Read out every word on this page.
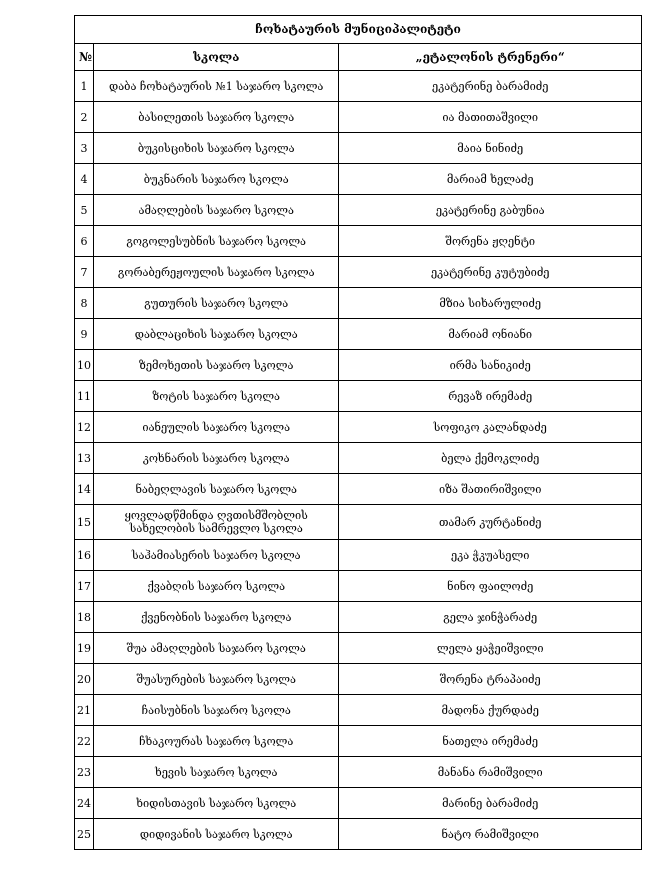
ჩოხატაურის მუნიციპალიტეტი		
№	სკოლა	„ეტალონის ტრენერი“
1	დაბა ჩოხატაურის №1 საჯარო სკოლა	ეკატერინე ბარამიძე
2	ბასილეთის საჯარო სკოლა	ია მათითაშვილი
3	ბუკისციხის საჯარო სკოლა	მაია ნინიძე
4	ბუკნარის საჯარო სკოლა	მარიამ ხელაძე
5	ამაღლების საჯარო სკოლა	ეკატერინე გაბუნია
6	გოგოლესუბნის საჯარო სკოლა	შორენა ჟღენტი
7	გორაბერეჟოულის საჯარო სკოლა	ეკატერინე კუტუბიძე
8	გუთურის საჯარო სკოლა	მზია სიხარულიძე
9	დაბლაციხის საჯარო სკოლა	მარიამ ონიანი
10	ზემოხეთის საჯარო სკოლა	ირმა სანიკიძე
11	ზოტის საჯარო სკოლა	რევაზ ირემაძე
12	იანეულის საჯარო სკოლა	სოფიკო კალანდაძე
13	კოხნარის საჯარო სკოლა	ბელა ქემოკლიძე
14	ნაბეღლავის საჯარო სკოლა	იზა შათირიშვილი
15	ყოვლადწმინდა ღვთისმშობლის სახელობის სამრევლო სკოლა	თამარ კურტანიძე
16	საჰამიასერის საჯარო სკოლა	ეკა ჭკუასელი
17	ქვაბღის საჯარო სკოლა	ნინო ფაილოძე
18	ქვენობნის საჯარო სკოლა	გელა ჯინჭარაძე
19	შუა ამაღლების საჯარო სკოლა	ლელა ყაჭეიშვილი
20	შუასურების საჯარო სკოლა	შორენა ტრაპაიძე
21	ჩაისუბნის საჯარო სკოლა	მადონა ქურდაძე
22	ჩხაკოურას საჯარო სკოლა	ნათელა ირემაძე
23	ხევის საჯარო სკოლა	მანანა რამიშვილი
24	ხიდისთავის საჯარო სკოლა	მარინე ბარამიძე
25	დიდივანის საჯარო სკოლა	ნატო რამიშვილი
